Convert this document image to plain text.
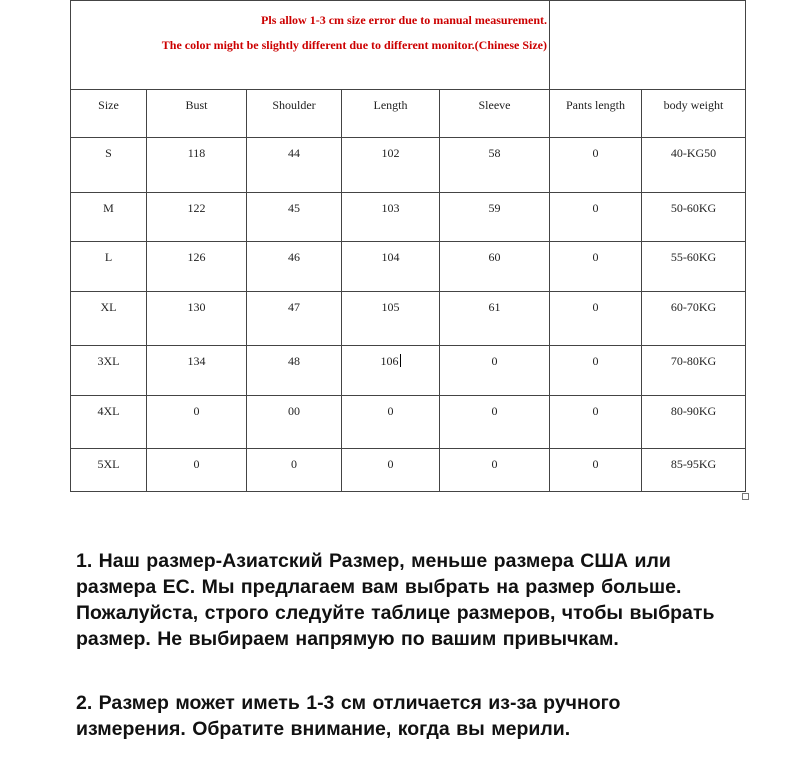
Pls allow 1-3 cm size error due to manual measurement.
The color might be slightly different due to different monitor.(Chinese Size)						

Size	Bust	Shoulder	Length	Sleeve	Pants length	body weight
S	118	44	102	58	0	40-KG50
M	122	45	103	59	0	50-60KG
L	126	46	104	60	0	55-60KG
XL	130	47	105	61	0	60-70KG
3XL	134	48	106	0	0	70-80KG
4XL	0	00	0	0	0	80-90KG
5XL	0	0	0	0	0	85-95KG

1. Наш размер-Азиатский Размер, меньше размера США или размера ЕС. Мы предлагаем вам выбрать на размер больше. Пожалуйста, строго следуйте таблице размеров, чтобы выбрать размер. Не выбираем напрямую по вашим привычкам.

2. Размер может иметь 1-3 см отличается из-за ручного измерения. Обратите внимание, когда вы мерили.
